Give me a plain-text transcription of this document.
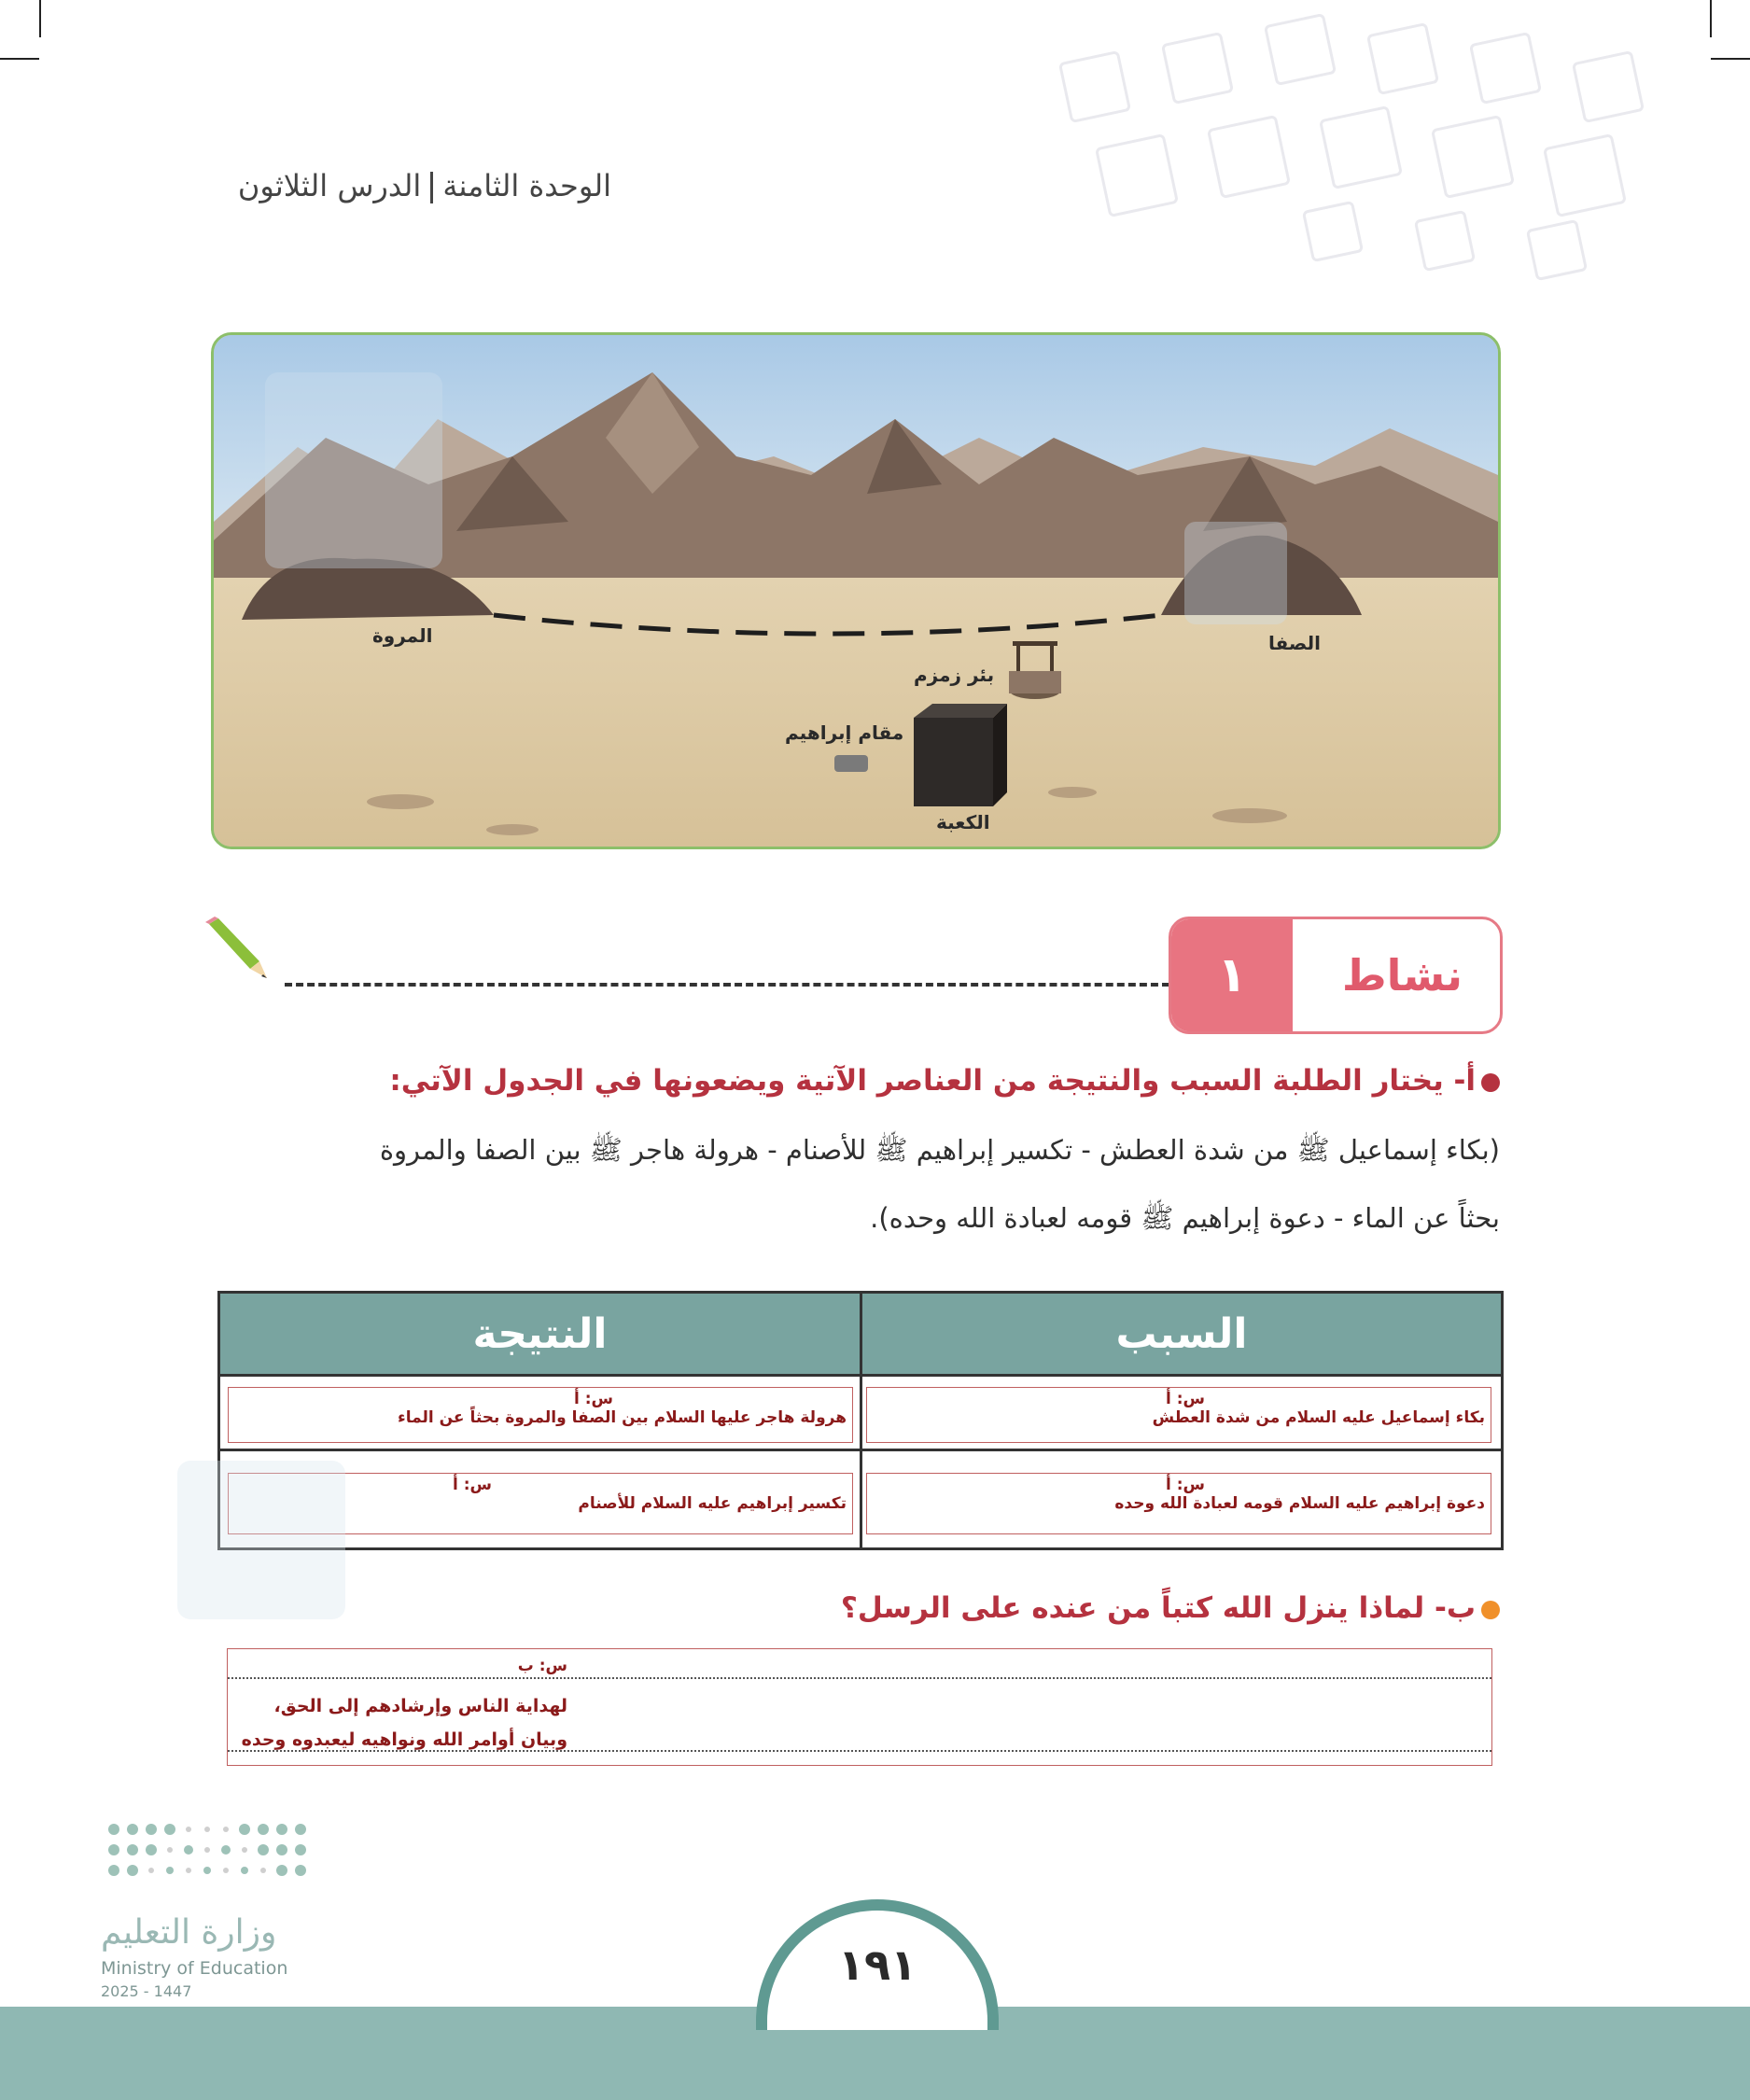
الوحدة الثامنةالدرس الثلاثون
المروة	الصفا
بئر زمزم
مقام إبراهيم
الكعبة
١	نشاط
أ- يختار الطلبة السبب والنتيجة من العناصر الآتية ويضعونها في الجدول الآتي:
(بكاء إسماعيل ﷺ من شدة العطش - تكسير إبراهيم ﷺ للأصنام - هرولة هاجر ﷺ بين الصفا والمروة
بحثاً عن الماء - دعوة إبراهيم ﷺ قومه لعبادة الله وحده).
السبب
النتيجة
س: أ
بكاء إسماعيل عليه السلام من شدة العطش
س: أ
هرولة هاجر عليها السلام بين الصفا والمروة بحثاً عن الماء
س: أ
دعوة إبراهيم عليه السلام قومه لعبادة الله وحده
س: أ
تكسير إبراهيم عليه السلام للأصنام
ب- لماذا ينزل الله كتباً من عنده على الرسل؟
س: ب
لهداية الناس وإرشادهم إلى الحق،
وبيان أوامر الله ونواهيه ليعبدوه وحده
وزارة التعليم
Ministry of Education
2025 - 1447
١٩١
